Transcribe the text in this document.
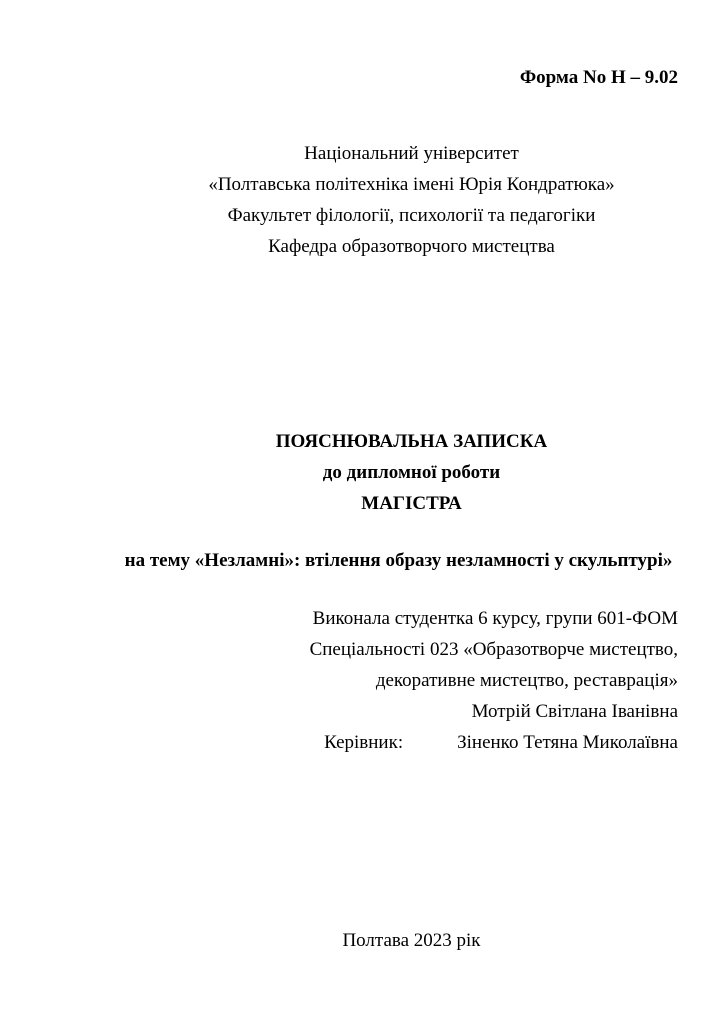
Форма No Н – 9.02

Національний університет

«Полтавська політехніка імені Юрія Кондратюка»

Факультет філології, психології та педагогіки

Кафедра образотворчого мистецтва

ПОЯСНЮВАЛЬНА ЗАПИСКА

до дипломної роботи

МАГІСТРА

на тему «Незламні»: втілення образу незламності у скульптурі»

Виконала студентка 6 курсу, групи 601-ФОМ

Спеціальності 023 «Образотворче мистецтво,

декоративне мистецтво, реставрація»

Мотрій Світлана Іванівна

Керівник:	Зіненко Тетяна Миколаївна

Полтава 2023 рік
